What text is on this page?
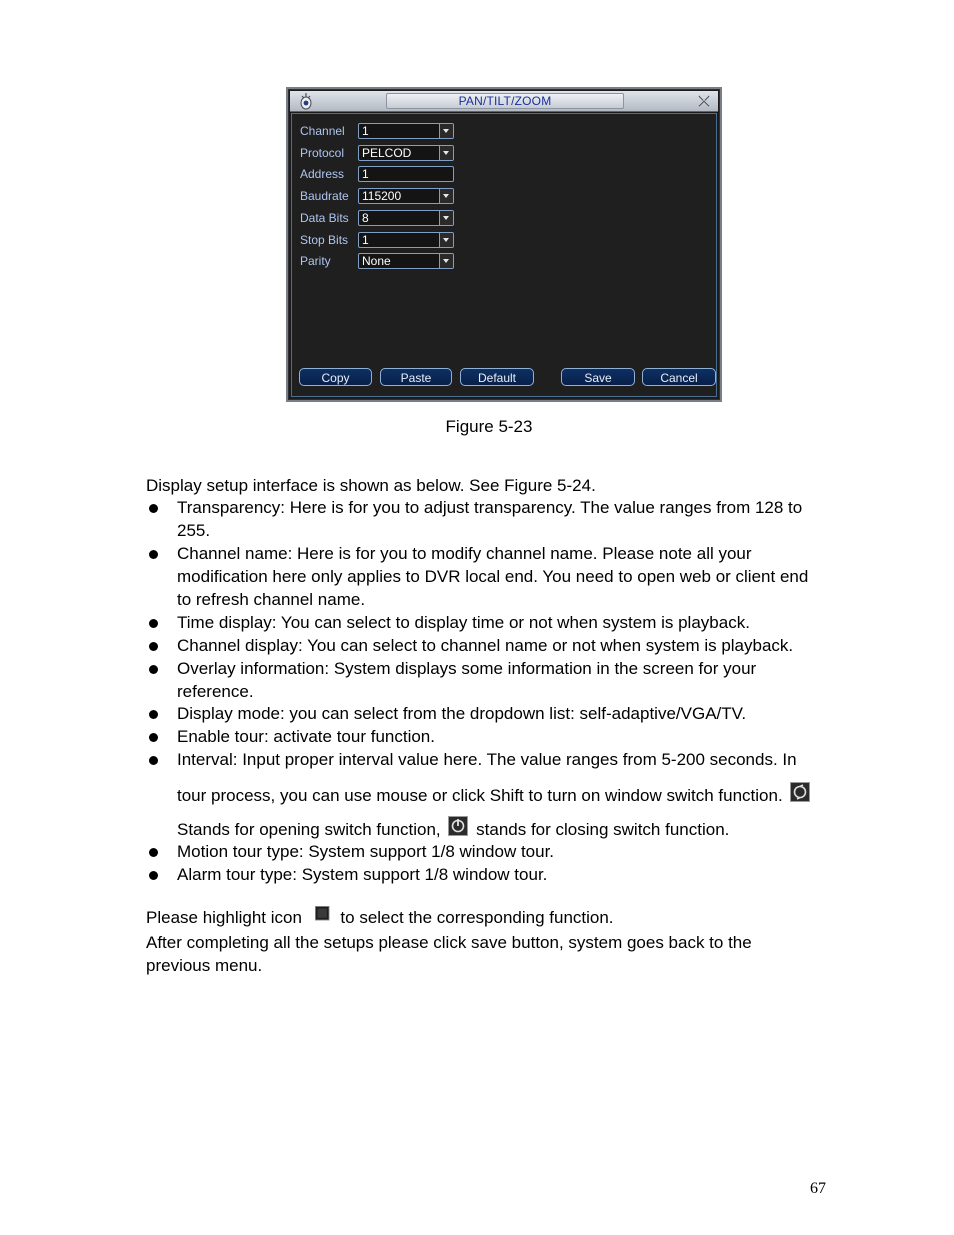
PAN/TILT/ZOOM
Channel	1
Protocol	PELCOD
Address	1
Baudrate	115200
Data Bits	8
Stop Bits	1
Parity	None
Copy	Paste	Default	Save	Cancel
Figure 5-23
Display setup interface is shown as below. See Figure 5-24.
Transparency: Here is for you to adjust transparency. The value ranges from 128 to
255.
Channel name: Here is for you to modify channel name. Please note all your
modification here only applies to DVR local end. You need to open web or client end
to refresh channel name.
Time display: You can select to display time or not when system is playback.
Channel display: You can select to channel name or not when system is playback.
Overlay information: System displays some information in the screen for your
reference.
Display mode: you can select from the dropdown list: self-adaptive/VGA/TV.
Enable tour: activate tour function.
Interval: Input proper interval value here. The value ranges from 5-200 seconds. In
tour process, you can use mouse or click Shift to turn on window switch function.
Stands for opening switch function, stands for closing switch function.
Motion tour type: System support 1/8 window tour.
Alarm tour type: System support 1/8 window tour.
Please highlight icon to select the corresponding function.
After completing all the setups please click save button, system goes back to the
previous menu.
67
